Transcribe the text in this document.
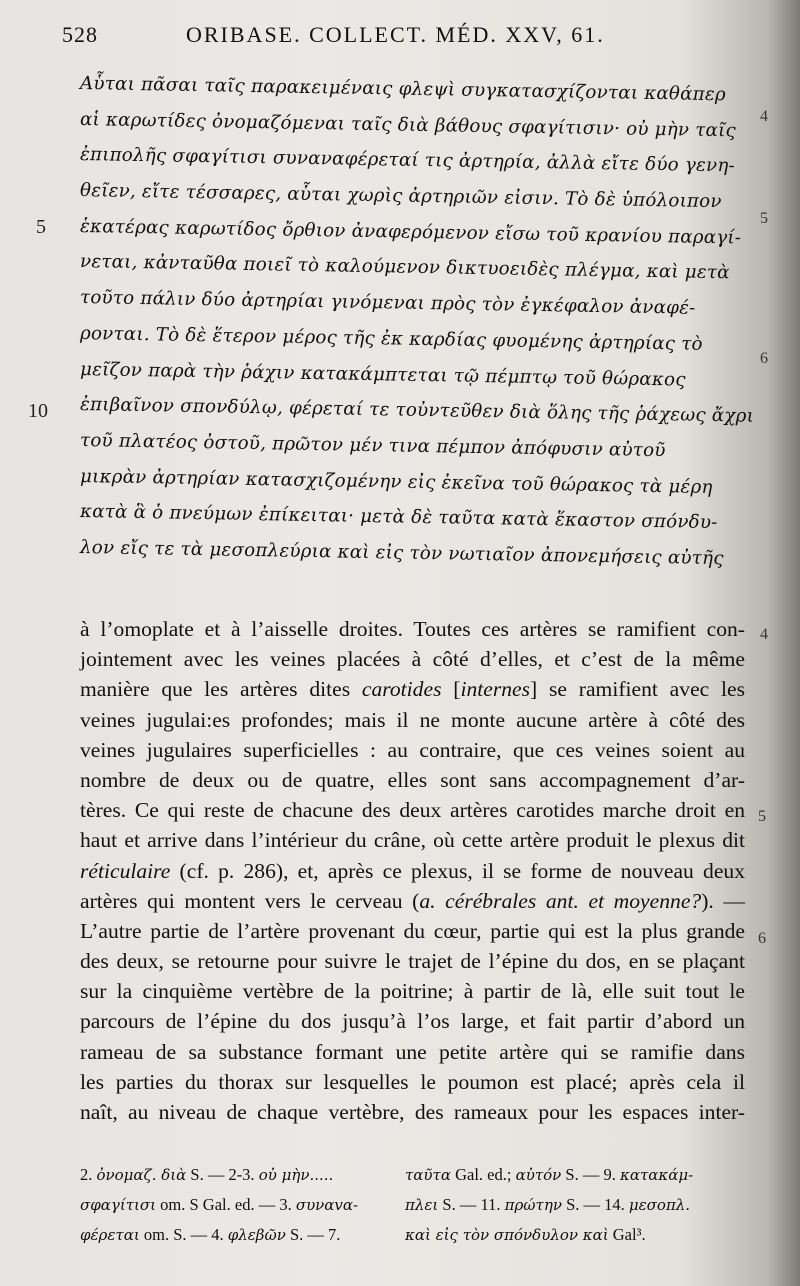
528	ORIBASE. COLLECT. MÉD. XXV, 61.
Αὗται πᾶσαι ταῖς παρακειμέναις φλεψὶ συγκατασχίζονται καθάπερ
αἱ καρωτίδες ὀνομαζόμεναι ταῖς διὰ βάθους σφαγίτισιν· οὐ μὴν ταῖς
ἐπιπολῆς σφαγίτισι συναναφέρεταί τις ἀρτηρία, ἀλλὰ εἴτε δύο γενη-
θεῖεν, εἴτε τέσσαρες, αὗται χωρὶς ἀρτηριῶν εἰσιν. Τὸ δὲ ὑπόλοιπον
ἑκατέρας καρωτίδος ὄρθιον ἀναφερόμενον εἴσω τοῦ κρανίου παραγί-
νεται, κἀνταῦθα ποιεῖ τὸ καλούμενον δικτυοειδὲς πλέγμα, καὶ μετὰ
τοῦτο πάλιν δύο ἀρτηρίαι γινόμεναι πρὸς τὸν ἐγκέφαλον ἀναφέ-
ρονται. Τὸ δὲ ἕτερον μέρος τῆς ἐκ καρδίας φυομένης ἀρτηρίας τὸ
μεῖζον παρὰ τὴν ῥάχιν κατακάμπτεται τῷ πέμπτῳ τοῦ θώρακος
ἐπιβαῖνον σπονδύλῳ, φέρεταί τε τοὐντεῦθεν διὰ ὅλης τῆς ῥάχεως ἄχρι
τοῦ πλατέος ὀστοῦ, πρῶτον μέν τινα πέμπον ἀπόφυσιν αὐτοῦ
μικρὰν ἀρτηρίαν κατασχιζομένην εἰς ἐκεῖνα τοῦ θώρακος τὰ μέρη
κατὰ ἃ ὁ πνεύμων ἐπίκειται· μετὰ δὲ ταῦτα κατὰ ἕκαστον σπόνδυ-
λον εἴς τε τὰ μεσοπλεύρια καὶ εἰς τὸν νωτιαῖον ἀπονεμήσεις αὐτῆς
5
10
4
5
6
4
5
6
à l’omoplate et à l’aisselle droites. Toutes ces artères se ramifient con-
jointement avec les veines placées à côté d’elles, et c’est de la même
manière que les artères dites carotides [internes] se ramifient avec les
veines jugulai:es profondes; mais il ne monte aucune artère à côté des
veines jugulaires superficielles : au contraire, que ces veines soient au
nombre de deux ou de quatre, elles sont sans accompagnement d’ar-
tères. Ce qui reste de chacune des deux artères carotides marche droit en
haut et arrive dans l’intérieur du crâne, où cette artère produit le plexus dit
réticulaire (cf. p. 286), et, après ce plexus, il se forme de nouveau deux
artères qui montent vers le cerveau (a. cérébrales ant. et moyenne?). —
L’autre partie de l’artère provenant du cœur, partie qui est la plus grande
des deux, se retourne pour suivre le trajet de l’épine du dos, en se plaçant
sur la cinquième vertèbre de la poitrine; à partir de là, elle suit tout le
parcours de l’épine du dos jusqu’à l’os large, et fait partir d’abord un
rameau de sa substance formant une petite artère qui se ramifie dans
les parties du thorax sur lesquelles le poumon est placé; après cela il
naît, au niveau de chaque vertèbre, des rameaux pour les espaces inter-
2. ὀνομαζ. διὰ S. — 2-3. οὐ μὴν.....
σφαγίτισι om. S Gal. ed. — 3. συναvα-
φέρεται om. S. — 4. φλεβῶν S. — 7.
ταῦτα Gal. ed.; αὐτόν S. — 9. κατακάμ-
πλει S. — 11. πρώτην S. — 14. μεσοπλ.
καὶ εἰς τὸν σπόνδυλον καὶ Gal³.
